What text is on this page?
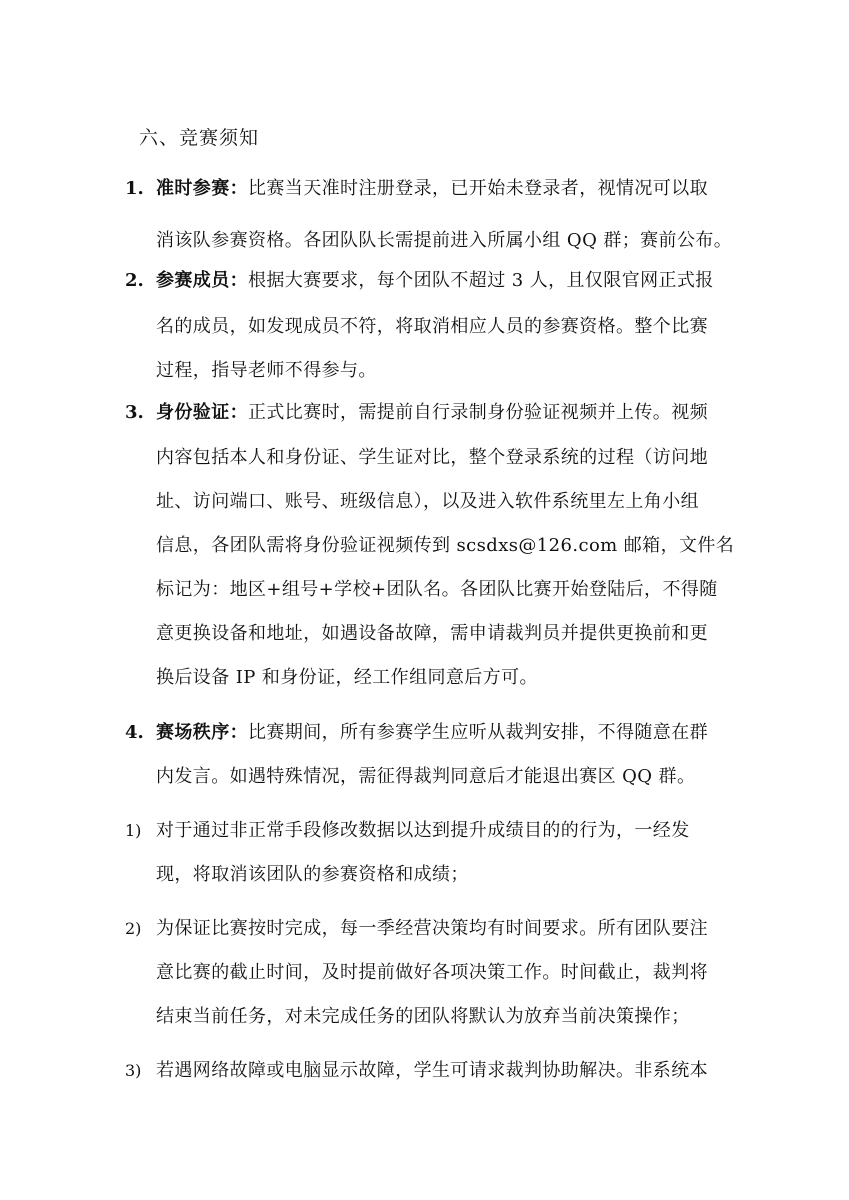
六、竞赛须知
1. 准时参赛：比赛当天准时注册登录，已开始未登录者，视情况可以取
消该队参赛资格。各团队队长需提前进入所属小组 QQ 群；赛前公布。
2. 参赛成员：根据大赛要求，每个团队不超过 3 人，且仅限官网正式报
名的成员，如发现成员不符，将取消相应人员的参赛资格。整个比赛
过程，指导老师不得参与。
3. 身份验证：正式比赛时，需提前自行录制身份验证视频并上传。视频
内容包括本人和身份证、学生证对比，整个登录系统的过程（访问地
址、访问端口、账号、班级信息），以及进入软件系统里左上角小组
信息，各团队需将身份验证视频传到 scsdxs@126.com 邮箱，文件名
标记为：地区+组号+学校+团队名。各团队比赛开始登陆后，不得随
意更换设备和地址，如遇设备故障，需申请裁判员并提供更换前和更
换后设备 IP 和身份证，经工作组同意后方可。
4. 赛场秩序：比赛期间，所有参赛学生应听从裁判安排，不得随意在群
内发言。如遇特殊情况，需征得裁判同意后才能退出赛区 QQ 群。
1) 对于通过非正常手段修改数据以达到提升成绩目的的行为，一经发
现，将取消该团队的参赛资格和成绩；
2) 为保证比赛按时完成，每一季经营决策均有时间要求。所有团队要注
意比赛的截止时间，及时提前做好各项决策工作。时间截止，裁判将
结束当前任务，对未完成任务的团队将默认为放弃当前决策操作；
3) 若遇网络故障或电脑显示故障，学生可请求裁判协助解决。非系统本
